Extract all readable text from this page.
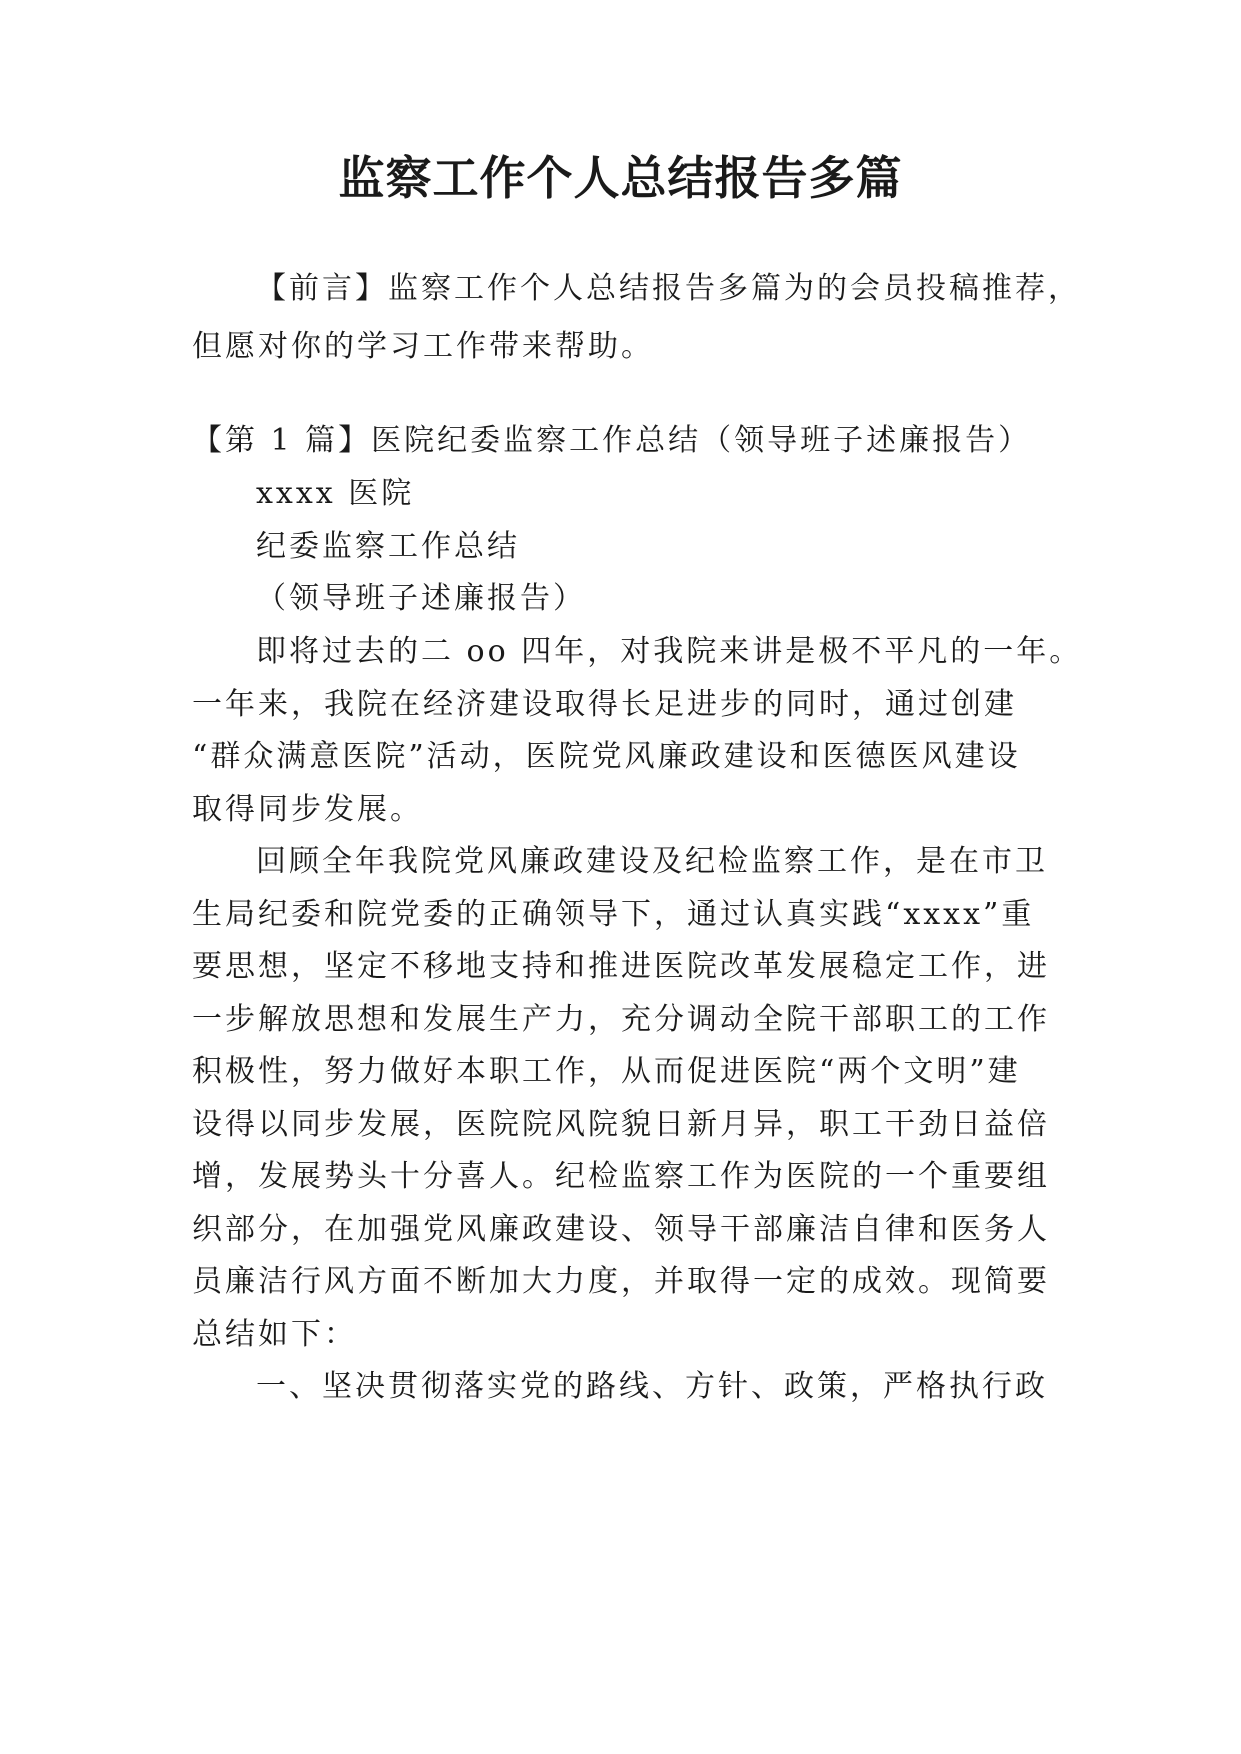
监察工作个人总结报告多篇
【前言】监察工作个人总结报告多篇为的会员投稿推荐，
但愿对你的学习工作带来帮助。
【第 1 篇】医院纪委监察工作总结（领导班子述廉报告）
xxxx 医院
纪委监察工作总结
（领导班子述廉报告）
即将过去的二 oo 四年，对我院来讲是极不平凡的一年。
一年来，我院在经济建设取得长足进步的同时，通过创建
“群众满意医院”活动，医院党风廉政建设和医德医风建设
取得同步发展。
回顾全年我院党风廉政建设及纪检监察工作，是在市卫
生局纪委和院党委的正确领导下，通过认真实践“xxxx”重
要思想，坚定不移地支持和推进医院改革发展稳定工作，进
一步解放思想和发展生产力，充分调动全院干部职工的工作
积极性，努力做好本职工作，从而促进医院“两个文明”建
设得以同步发展，医院院风院貌日新月异，职工干劲日益倍
增，发展势头十分喜人。纪检监察工作为医院的一个重要组
织部分，在加强党风廉政建设、领导干部廉洁自律和医务人
员廉洁行风方面不断加大力度，并取得一定的成效。现简要
总结如下：
一、坚决贯彻落实党的路线、方针、政策，严格执行政
